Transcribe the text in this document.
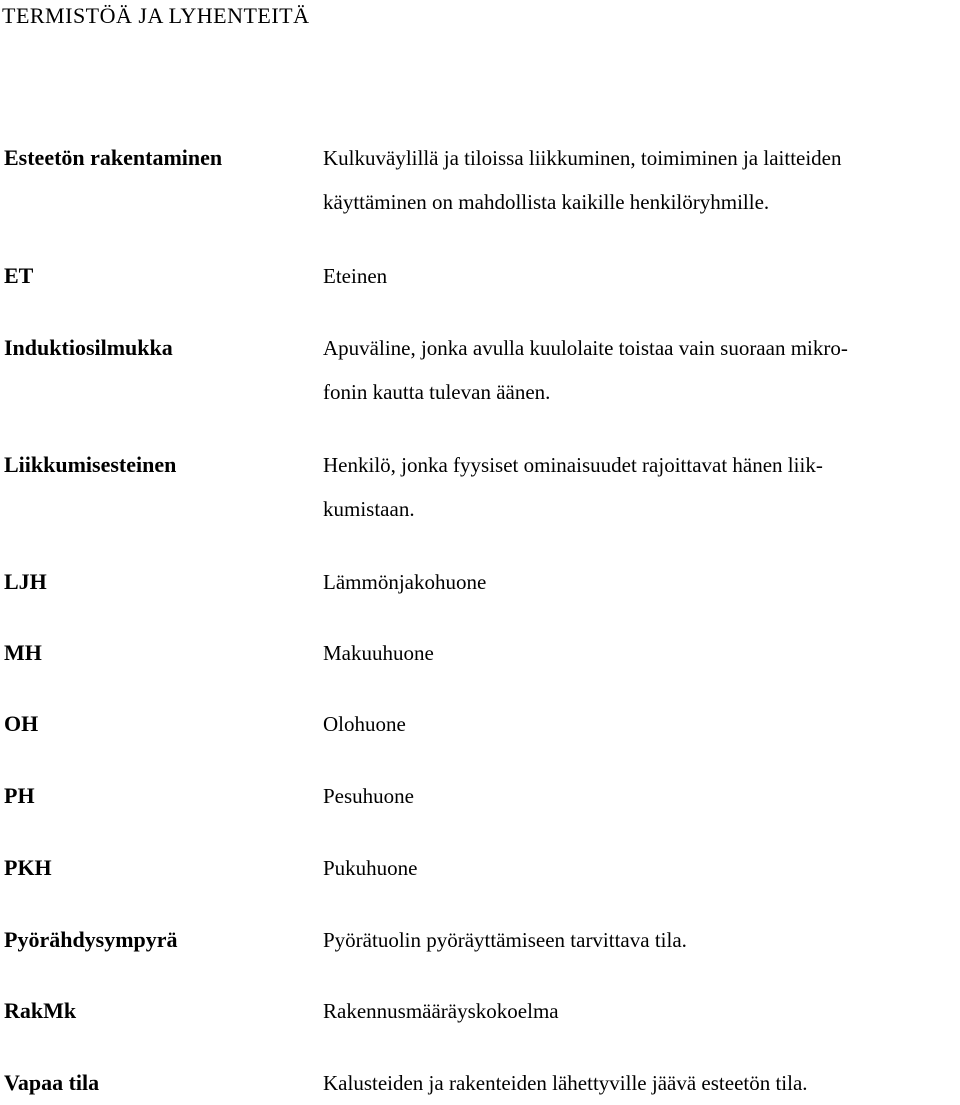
TERMISTÖÄ JA LYHENTEITÄ
Esteetön rakentaminen	Kulkuväylillä ja tiloissa liikkuminen, toimiminen ja laitteiden
käyttäminen on mahdollista kaikille henkilöryhmille.
ET	Eteinen
Induktiosilmukka	Apuväline, jonka avulla kuulolaite toistaa vain suoraan mikro-
fonin kautta tulevan äänen.
Liikkumisesteinen	Henkilö, jonka fyysiset ominaisuudet rajoittavat hänen liik-
kumistaan.
LJH	Lämmönjakohuone
MH	Makuuhuone
OH	Olohuone
PH	Pesuhuone
PKH	Pukuhuone
Pyörähdysympyrä	Pyörätuolin pyöräyttämiseen tarvittava tila.
RakMk	Rakennusmääräyskokoelma
Vapaa tila	Kalusteiden ja rakenteiden lähettyville jäävä esteetön tila.
